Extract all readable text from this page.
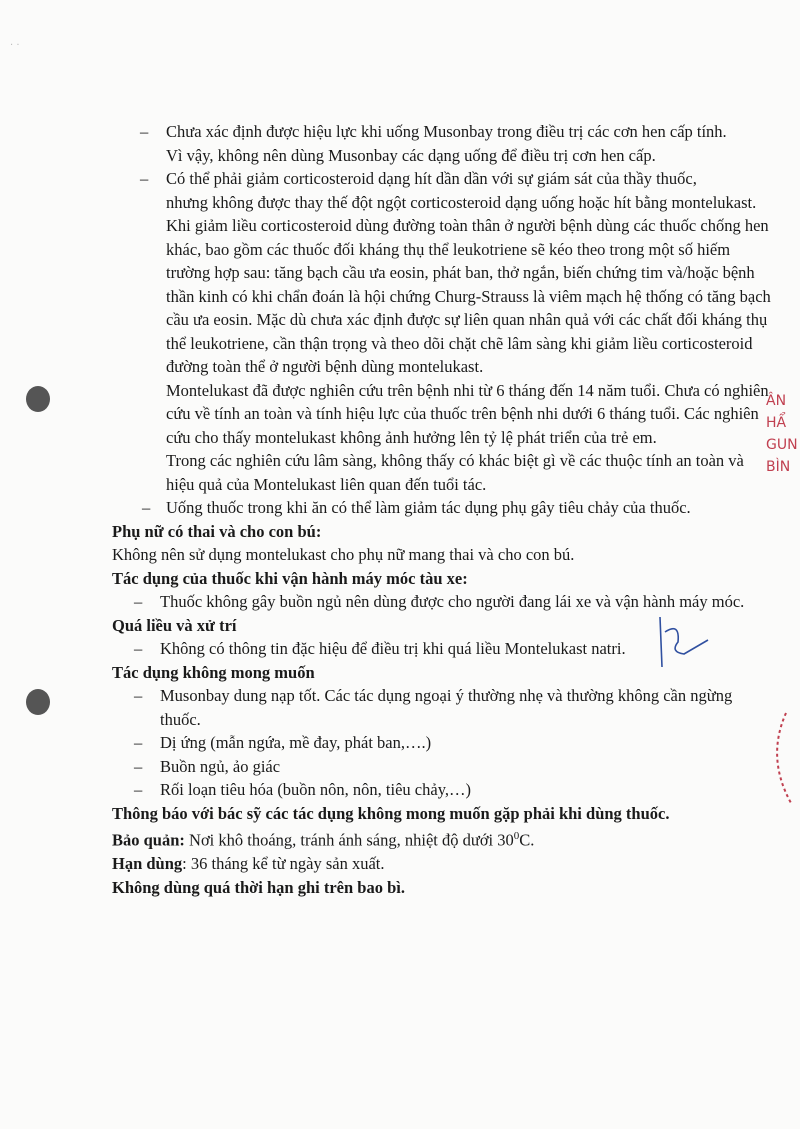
· ·
ÂN
HẨ
GUN
BÌN
– Chưa xác định được hiệu lực khi uống Musonbay trong điều trị các cơn hen cấp tính.
Vì vậy, không nên dùng Musonbay các dạng uống để điều trị cơn hen cấp.
– Có thể phải giảm corticosteroid dạng hít dần dần với sự giám sát của thầy thuốc,
nhưng không được thay thế đột ngột corticosteroid dạng uống hoặc hít bằng montelukast.
Khi giảm liều corticosteroid dùng đường toàn thân ở người bệnh dùng các thuốc chống hen khác, bao gồm các thuốc đối kháng thụ thể leukotriene sẽ kéo theo trong một số hiếm trường hợp sau: tăng bạch cầu ưa eosin, phát ban, thở ngắn, biến chứng tim và/hoặc bệnh thần kinh có khi chẩn đoán là hội chứng Churg-Strauss là viêm mạch hệ thống có tăng bạch cầu ưa eosin. Mặc dù chưa xác định được sự liên quan nhân quả với các chất đối kháng thụ thể leukotriene, cần thận trọng và theo dõi chặt chẽ lâm sàng khi giảm liều corticosteroid đường toàn thể ở người bệnh dùng montelukast.
Montelukast đã được nghiên cứu trên bệnh nhi từ 6 tháng đến 14 năm tuổi. Chưa có nghiên cứu về tính an toàn và tính hiệu lực của thuốc trên bệnh nhi dưới 6 tháng tuổi. Các nghiên cứu cho thấy montelukast không ảnh hưởng lên tỷ lệ phát triển của trẻ em.
Trong các nghiên cứu lâm sàng, không thấy có khác biệt gì về các thuộc tính an toàn và hiệu quả của Montelukast liên quan đến tuổi tác.
– Uống thuốc trong khi ăn có thể làm giảm tác dụng phụ gây tiêu chảy của thuốc.
Phụ nữ có thai và cho con bú:
Không nên sử dụng montelukast cho phụ nữ mang thai và cho con bú.
Tác dụng của thuốc khi vận hành máy móc tàu xe:
– Thuốc không gây buồn ngủ nên dùng được cho người đang lái xe và vận hành máy móc.
Quá liều và xử trí
– Không có thông tin đặc hiệu để điều trị khi quá liều Montelukast natri.
Tác dụng không mong muốn
– Musonbay dung nạp tốt. Các tác dụng ngoại ý thường nhẹ và thường không cần ngừng thuốc.
– Dị ứng (mẫn ngứa, mề đay, phát ban,….)
– Buồn ngủ, ảo giác
– Rối loạn tiêu hóa (buồn nôn, nôn, tiêu chảy,…)
Thông báo với bác sỹ các tác dụng không mong muốn gặp phải khi dùng thuốc.
Bảo quản: Nơi khô thoáng, tránh ánh sáng, nhiệt độ dưới $30^0C$.
Hạn dùng: 36 tháng kể từ ngày sản xuất.
Không dùng quá thời hạn ghi trên bao bì.
